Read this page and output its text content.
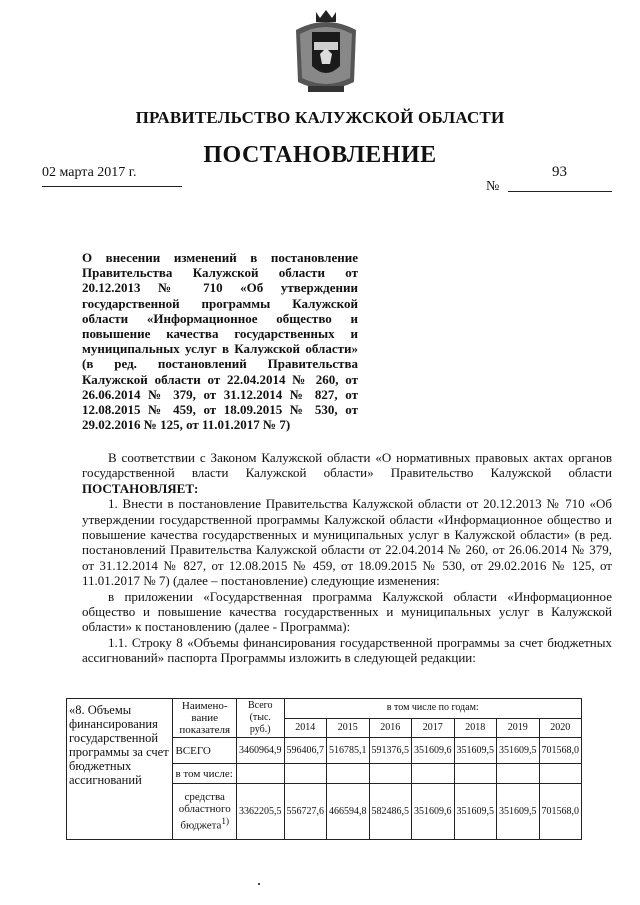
ПРАВИТЕЛЬСТВО КАЛУЖСКОЙ ОБЛАСТИ
ПОСТАНОВЛЕНИЕ
02 марта 2017 г.	93
№
О внесении изменений в постановление Правительства Калужской области от 20.12.2013 № 710 «Об утверждении государственной программы Калужской области «Информационное общество и повышение качества государственных и муниципальных услуг в Калужской области» (в ред. постановлений Правительства Калужской области от 22.04.2014 № 260, от 26.06.2014 № 379, от 31.12.2014 № 827, от 12.08.2015 № 459, от 18.09.2015 № 530, от 29.02.2016 № 125, от 11.01.2017 № 7)

В соответствии с Законом Калужской области «О нормативных правовых актах органов государственной власти Калужской области» Правительство Калужской области ПОСТАНОВЛЯЕТ:

1. Внести в постановление Правительства Калужской области от 20.12.2013 № 710 «Об утверждении государственной программы Калужской области «Информационное общество и повышение качества государственных и муниципальных услуг в Калужской области» (в ред. постановлений Правительства Калужской области от 22.04.2014 № 260, от 26.06.2014 № 379, от 31.12.2014 № 827, от 12.08.2015 № 459, от 18.09.2015 № 530, от 29.02.2016 № 125, от 11.01.2017 № 7) (далее – постановление) следующие изменения:

в приложении «Государственная программа Калужской области «Информационное общество и повышение качества государственных и муниципальных услуг в Калужской области» к постановлению (далее - Программа):

1.1. Строку 8 «Объемы финансирования государственной программы за счет бюджетных ассигнований» паспорта Программы изложить в следующей редакции:

«8. Объемы финансирования государственной программы за счет бюджетных ассигнований	Наимено-вание показателя	Всего (тыс. руб.)	в том числе по годам:						
			2014	2015	2016	2017	2018	2019	2020
	ВСЕГО	3460964,9	596406,7	516785,1	591376,5	351609,6	351609,5	351609,5	701568,0
	в том числе:								
	средства областного бюджета$^{1)}$	3362205,5	556727,6	466594,8	582486,5	351609,6	351609,5	351609,5	701568,0
